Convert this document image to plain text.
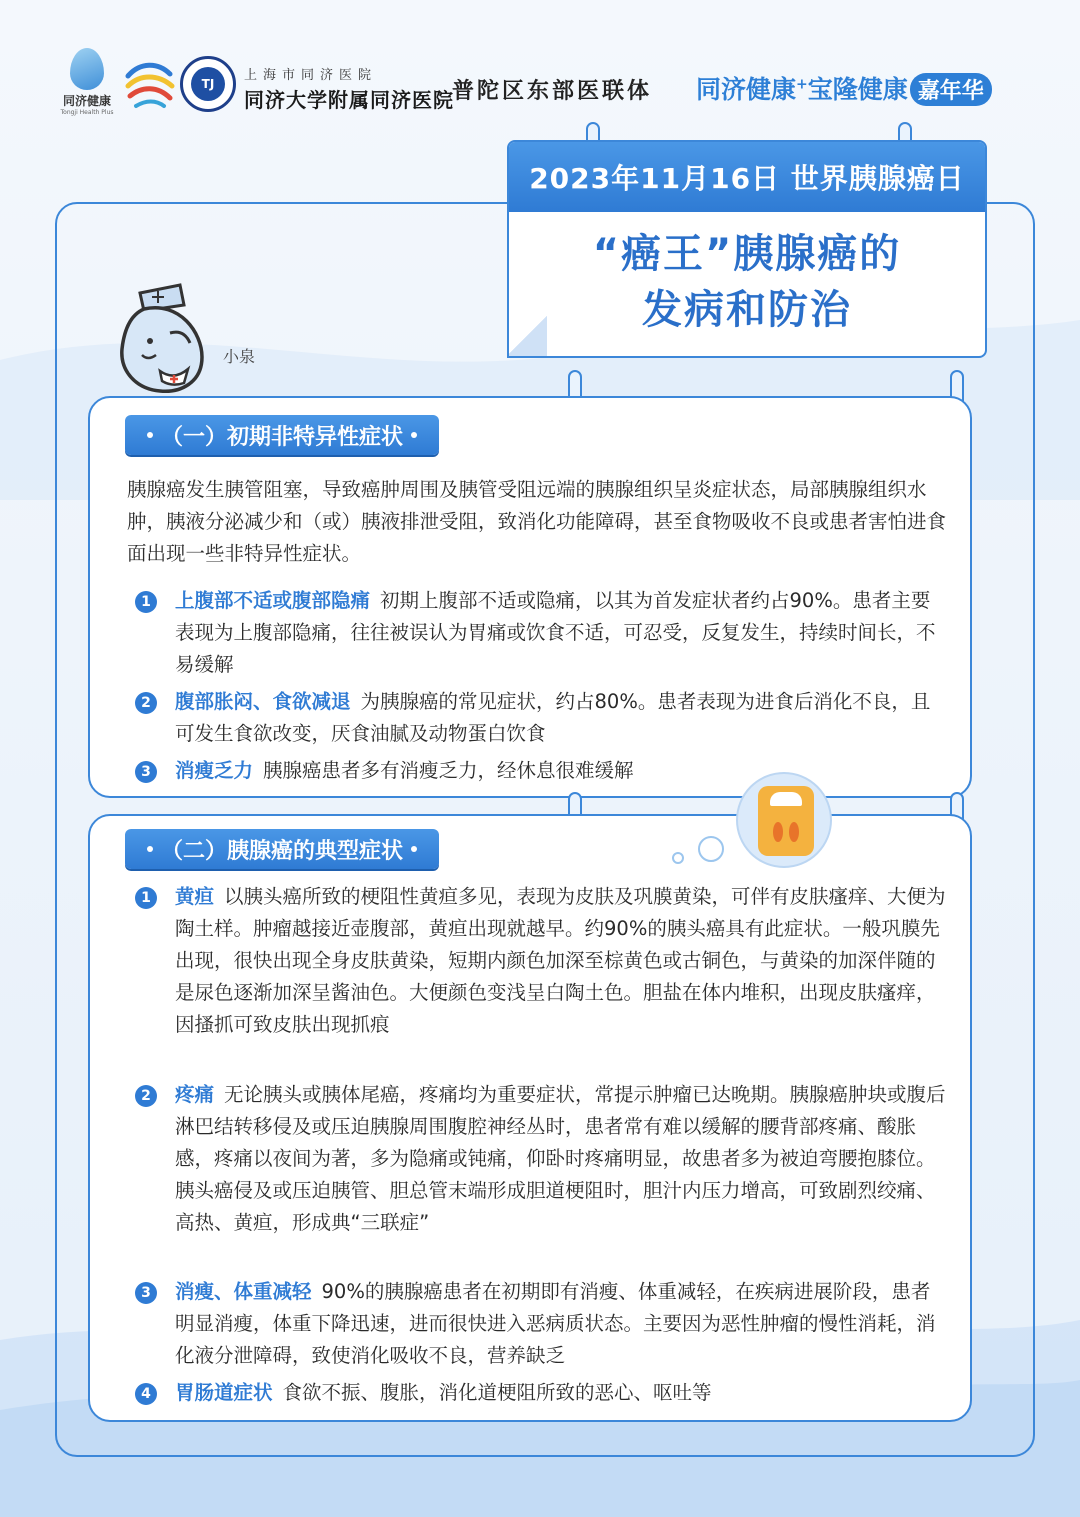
同济健康
Tongji Health Plus
TJ
上海市同济医院
同济大学附属同济医院
普陀区东部医联体 同济健康+宝隆健康 嘉年华
2023年11月16日 世界胰腺癌日
“癌王”胰腺癌的
发病和防治
小泉
（一）初期非特异性症状
胰腺癌发生胰管阻塞，导致癌肿周围及胰管受阻远端的胰腺组织呈炎症状态，局部胰腺组织水肿，胰液分泌减少和（或）胰液排泄受阻，致消化功能障碍，甚至食物吸收不良或患者害怕进食面出现一些非特异性症状。
1	上腹部不适或腹部隐痛 初期上腹部不适或隐痛，以其为首发症状者约占90%。患者主要表现为上腹部隐痛，往往被误认为胃痛或饮食不适，可忍受，反复发生，持续时间长，不易缓解
2	腹部胀闷、食欲减退 为胰腺癌的常见症状，约占80%。患者表现为进食后消化不良，且可发生食欲改变，厌食油腻及动物蛋白饮食
3	消瘦乏力 胰腺癌患者多有消瘦乏力，经休息很难缓解
（二）胰腺癌的典型症状
1	黄疸 以胰头癌所致的梗阻性黄疸多见，表现为皮肤及巩膜黄染，可伴有皮肤瘙痒、大便为陶土样。肿瘤越接近壶腹部，黄疸出现就越早。约90%的胰头癌具有此症状。一般巩膜先出现，很快出现全身皮肤黄染，短期内颜色加深至棕黄色或古铜色，与黄染的加深伴随的是尿色逐渐加深呈酱油色。大便颜色变浅呈白陶土色。胆盐在体内堆积，出现皮肤瘙痒，因搔抓可致皮肤出现抓痕
2	疼痛 无论胰头或胰体尾癌，疼痛均为重要症状，常提示肿瘤已达晚期。胰腺癌肿块或腹后淋巴结转移侵及或压迫胰腺周围腹腔神经丛时，患者常有难以缓解的腰背部疼痛、酸胀感，疼痛以夜间为著，多为隐痛或钝痛，仰卧时疼痛明显，故患者多为被迫弯腰抱膝位。胰头癌侵及或压迫胰管、胆总管末端形成胆道梗阻时，胆汁内压力增高，可致剧烈绞痛、高热、黄疸，形成典“三联症”
3	消瘦、体重减轻 90%的胰腺癌患者在初期即有消瘦、体重减轻，在疾病进展阶段，患者明显消瘦，体重下降迅速，进而很快进入恶病质状态。主要因为恶性肿瘤的慢性消耗，消化液分泄障碍，致使消化吸收不良，营养缺乏
4	胃肠道症状 食欲不振、腹胀，消化道梗阻所致的恶心、呕吐等
